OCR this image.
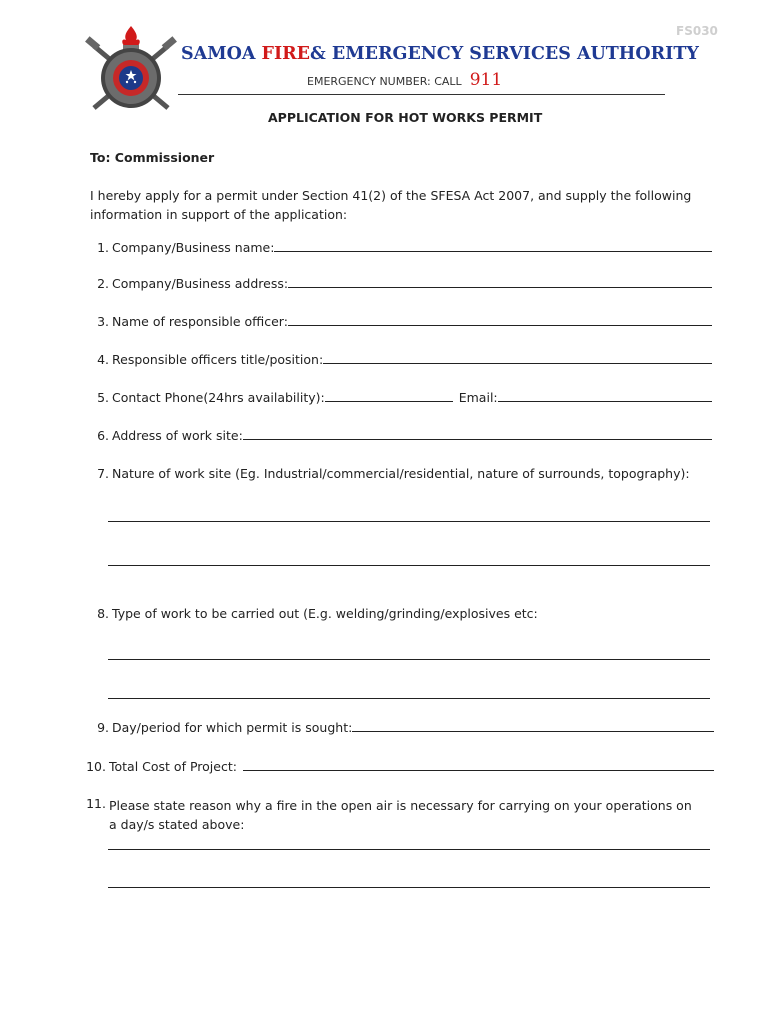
FS030
SAMOA FIRE& EMERGENCY SERVICES AUTHORITY
EMERGENCY NUMBER: CALL 911
APPLICATION FOR HOT WORKS PERMIT
To: Commissioner
I hereby apply for a permit under Section 41(2) of the SFESA Act 2007, and supply the following information in support of the application:
1. Company/Business name:
2. Company/Business address:
3. Name of responsible officer:
4. Responsible officers title/position:
5. Contact Phone(24hrs availability):	Email:
6. Address of work site:
7. Nature of work site (Eg. Industrial/commercial/residential, nature of surrounds, topography):
8. Type of work to be carried out (E.g. welding/grinding/explosives etc:
9. Day/period for which permit is sought:
10. Total Cost of Project:
11. Please state reason why a fire in the open air is necessary for carrying on your operations on a day/s stated above:
